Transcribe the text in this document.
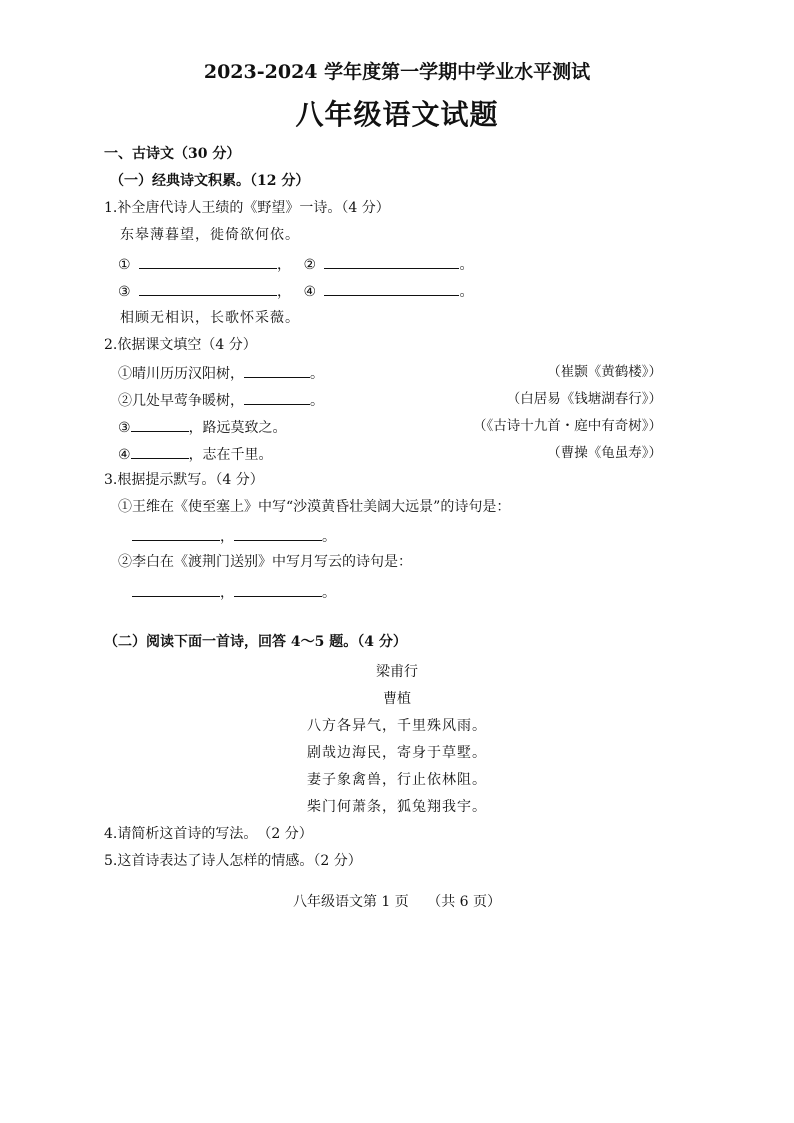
2023-2024 学年度第一学期中学业水平测试
八年级语文试题
一、古诗文（30 分）
（一）经典诗文积累。（12 分）
1.补全唐代诗人王绩的《野望》一诗。（4 分）
东皋薄暮望，徙倚欲何依。
①	， ②	。
③	， ④	。
相顾无相识，长歌怀采薇。
2.依据课文填空（4 分）
①晴川历历汉阳树，	。	（崔颢《黄鹤楼》）
②几处早莺争暖树，	。	（白居易《钱塘湖春行》）
③	，路远莫致之。	（《古诗十九首・庭中有奇树》）
④	，志在千里。	（曹操《龟虽寿》）
3.根据提示默写。（4 分）
①王维在《使至塞上》中写“沙漠黄昏壮美阔大远景”的诗句是：
，	。
②李白在《渡荆门送别》中写月写云的诗句是：
，	。
（二）阅读下面一首诗，回答 4～5 题。（4 分）
梁甫行
曹植
八方各异气，千里殊风雨。
剧哉边海民，寄身于草墅。
妻子象禽兽，行止依林阻。
柴门何萧条，狐兔翔我宇。
4.请简析这首诗的写法。　（2 分）
5.这首诗表达了诗人怎样的情感。（2 分）
八年级语文第 1 页　 （共 6 页）
